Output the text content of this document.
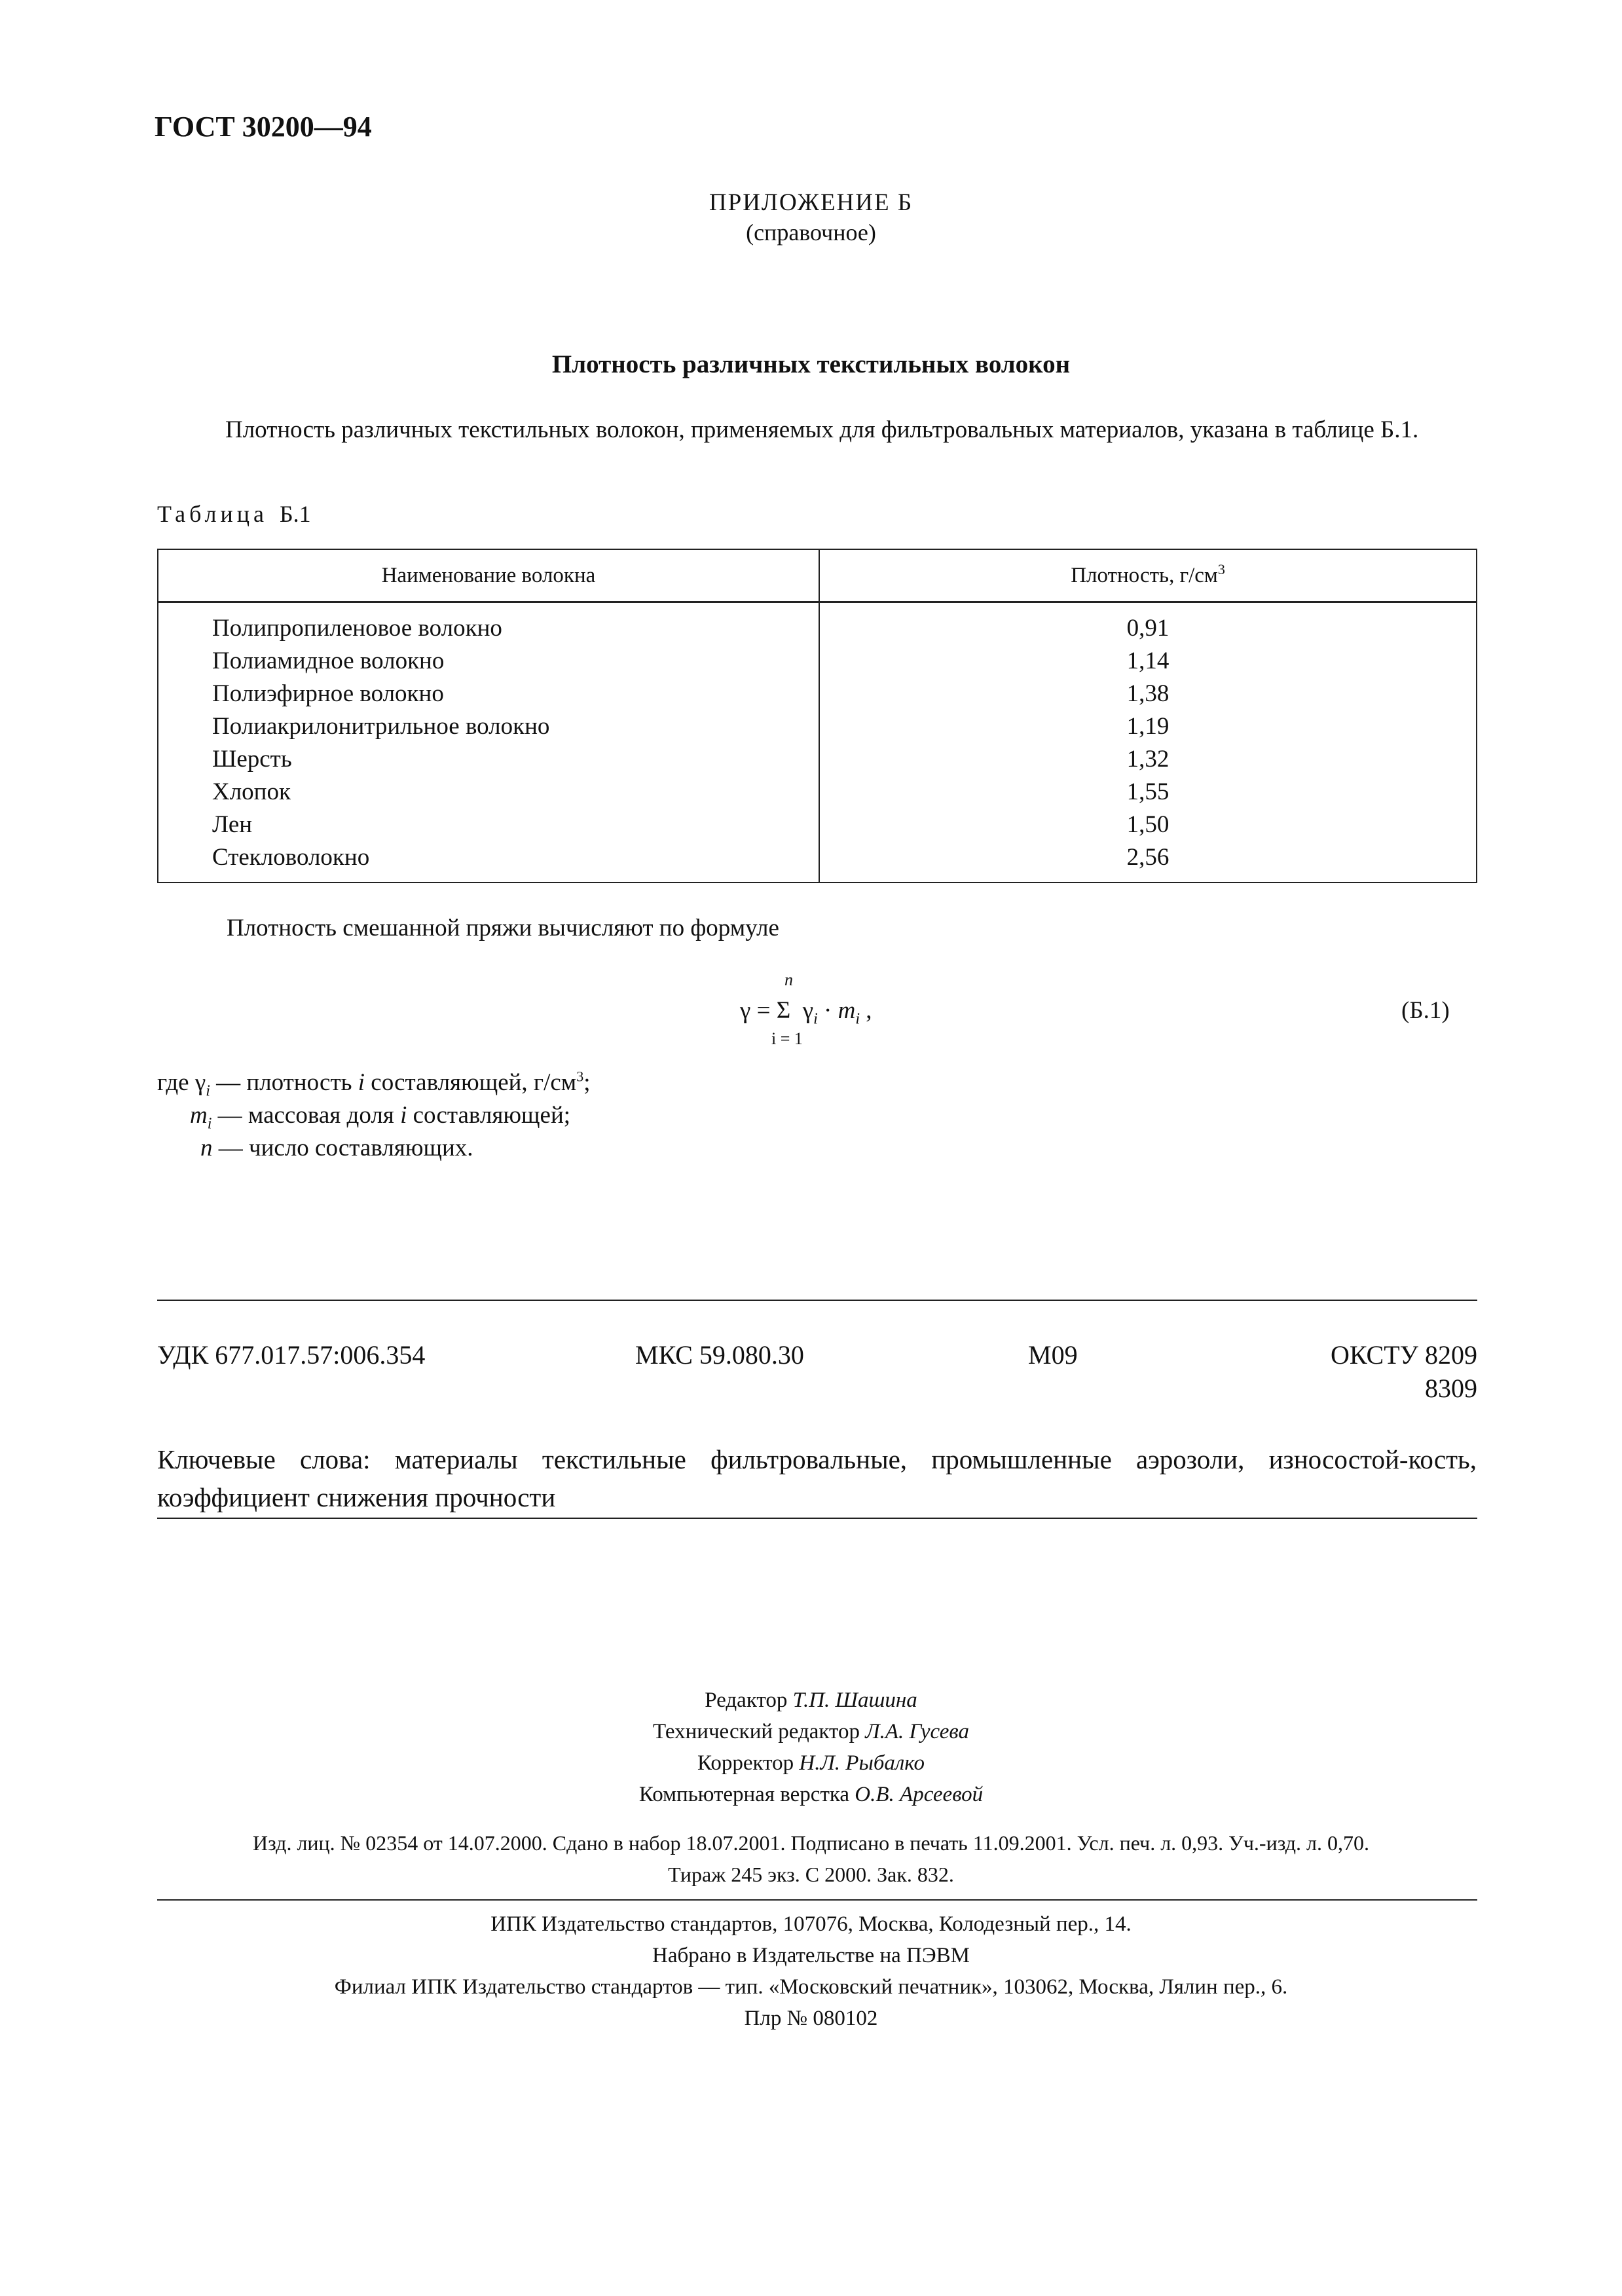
ГОСТ 30200—94
ПРИЛОЖЕНИЕ Б
(справочное)
Плотность различных текстильных волокон
Плотность различных текстильных волокон, применяемых для фильтровальных материалов, указана в таблице Б.1.
Таблица Б.1
Наименование волокна	Плотность, $г/см^3$
Полипропиленовое волокно	0,91
Полиамидное волокно	1,14
Полиэфирное волокно	1,38
Полиакрилонитрильное волокно	1,19
Шерсть	1,32
Хлопок	1,55
Лен	1,50
Стекловолокно	2,56
Плотность смешанной пряжи вычисляют по формуле
n
γ = Σ $\gamma_i \cdot m_i$ ,
i = 1
(Б.1)
где $\gamma_i$ — плотность i составляющей, $г/см^3$;
$m_i$ — массовая доля i составляющей;
n — число составляющих.
УДК 677.017.57:006.354	МКС 59.080.30	М09	ОКСТУ 8209
8309
Ключевые слова: материалы текстильные фильтровальные, промышленные аэрозоли, износостой-кость, коэффициент снижения прочности
Редактор Т.П. Шашина
Технический редактор Л.А. Гусева
Корректор Н.Л. Рыбалко
Компьютерная верстка О.В. Арсеевой
Изд. лиц. № 02354 от 14.07.2000. Сдано в набор 18.07.2001. Подписано в печать 11.09.2001. Усл. печ. л. 0,93. Уч.-изд. л. 0,70.
Тираж 245 экз. С 2000. Зак. 832.
ИПК Издательство стандартов, 107076, Москва, Колодезный пер., 14.
Набрано в Издательстве на ПЭВМ
Филиал ИПК Издательство стандартов — тип. «Московский печатник», 103062, Москва, Лялин пер., 6.
Плр № 080102
